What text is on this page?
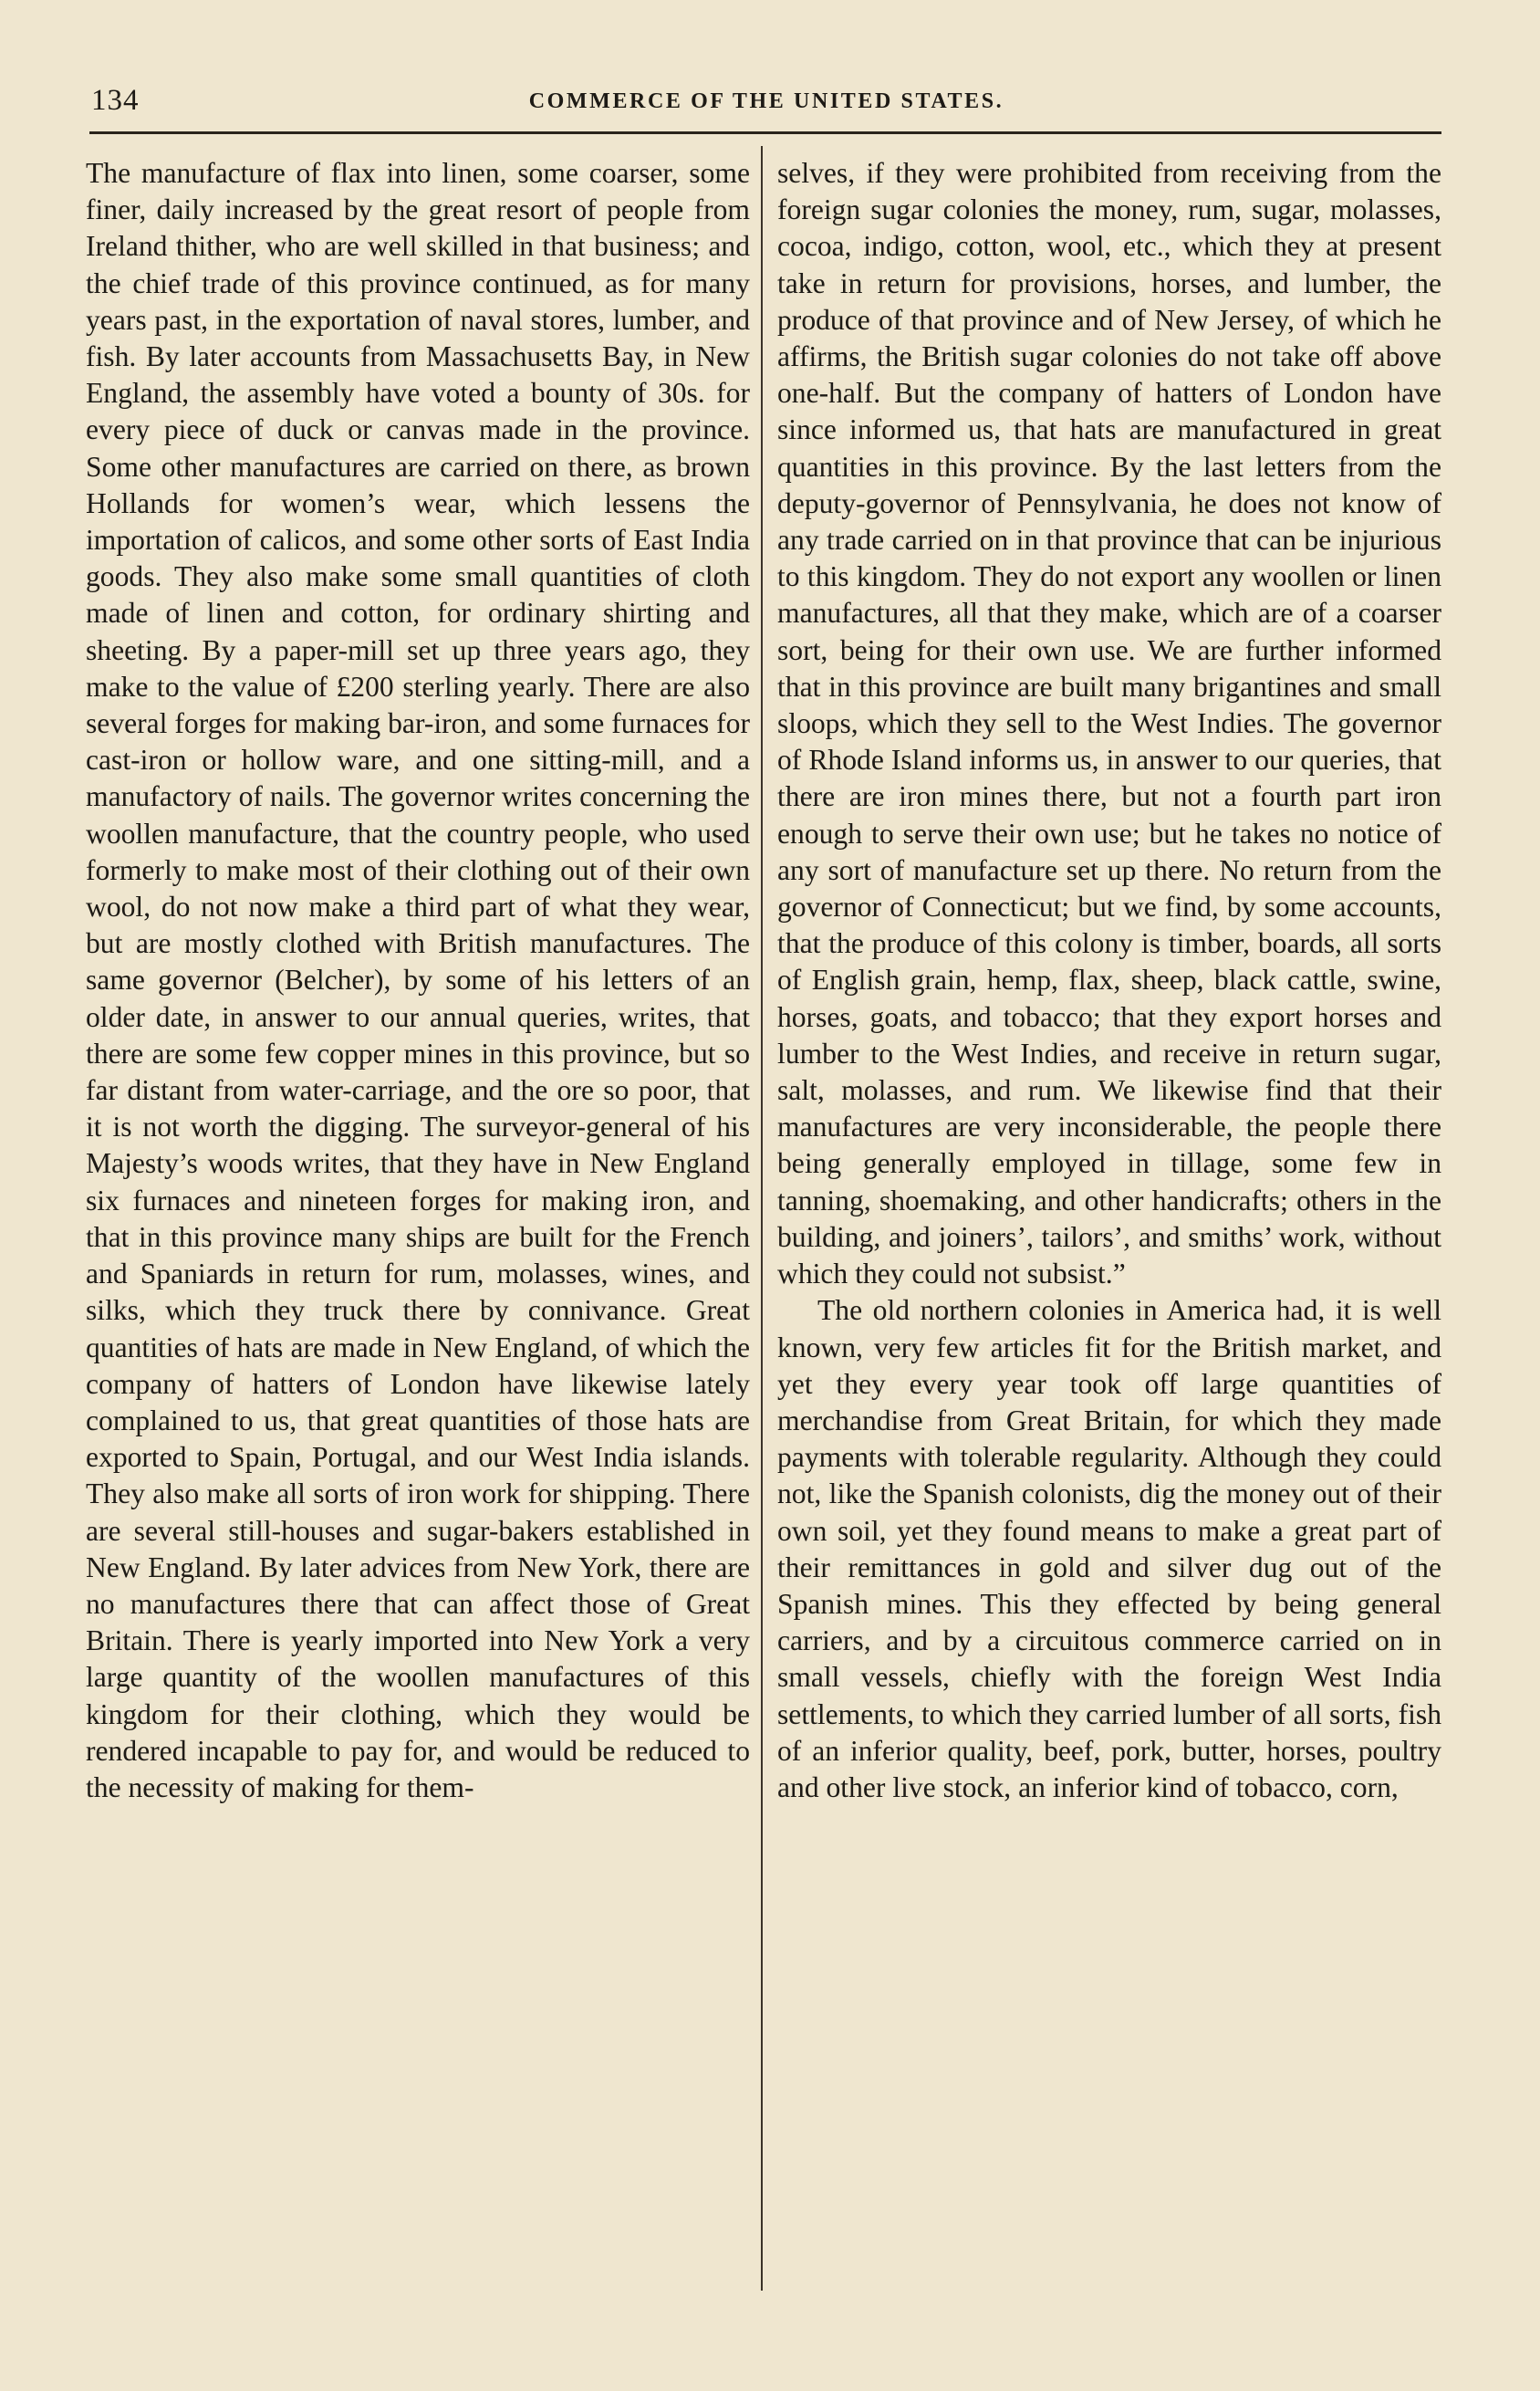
134	COMMERCE OF THE UNITED STATES.

The manufacture of flax into linen, some coarser, some finer, daily increased by the great resort of people from Ireland thither, who are well skilled in that business; and the chief trade of this province continued, as for many years past, in the exportation of naval stores, lumber, and fish. By later accounts from Massachusetts Bay, in New England, the assembly have voted a bounty of 30s. for every piece of duck or canvas made in the province. Some other manufactures are carried on there, as brown Hollands for women’s wear, which lessens the importation of calicos, and some other sorts of East India goods. They also make some small quantities of cloth made of linen and cotton, for ordinary shirting and sheeting. By a paper-mill set up three years ago, they make to the value of £200 sterling yearly. There are also several forges for making bar-iron, and some furnaces for cast-iron or hollow ware, and one sitting-mill, and a manufactory of nails. The governor writes concerning the woollen manufacture, that the country people, who used formerly to make most of their clothing out of their own wool, do not now make a third part of what they wear, but are mostly clothed with British manufactures. The same governor (Belcher), by some of his letters of an older date, in answer to our annual queries, writes, that there are some few copper mines in this province, but so far distant from water-carriage, and the ore so poor, that it is not worth the digging. The surveyor-general of his Majesty’s woods writes, that they have in New England six furnaces and nineteen forges for making iron, and that in this province many ships are built for the French and Spaniards in return for rum, molasses, wines, and silks, which they truck there by connivance. Great quantities of hats are made in New England, of which the company of hatters of London have likewise lately complained to us, that great quantities of those hats are exported to Spain, Portugal, and our West India islands. They also make all sorts of iron work for shipping. There are several still-houses and sugar-bakers established in New England. By later advices from New York, there are no manufactures there that can affect those of Great Britain. There is yearly imported into New York a very large quantity of the woollen manufactures of this kingdom for their clothing, which they would be rendered incapable to pay for, and would be reduced to the necessity of making for them-

selves, if they were prohibited from receiving from the foreign sugar colonies the money, rum, sugar, molasses, cocoa, indigo, cotton, wool, etc., which they at present take in return for provisions, horses, and lumber, the produce of that province and of New Jersey, of which he affirms, the British sugar colonies do not take off above one-half. But the company of hatters of London have since informed us, that hats are manufactured in great quantities in this province. By the last letters from the deputy-governor of Pennsylvania, he does not know of any trade carried on in that province that can be injurious to this kingdom. They do not export any woollen or linen manufactures, all that they make, which are of a coarser sort, being for their own use. We are further informed that in this province are built many brigantines and small sloops, which they sell to the West Indies. The governor of Rhode Island informs us, in answer to our queries, that there are iron mines there, but not a fourth part iron enough to serve their own use; but he takes no notice of any sort of manufacture set up there. No return from the governor of Connecticut; but we find, by some accounts, that the produce of this colony is timber, boards, all sorts of English grain, hemp, flax, sheep, black cattle, swine, horses, goats, and tobacco; that they export horses and lumber to the West Indies, and receive in return sugar, salt, molasses, and rum. We likewise find that their manufactures are very inconsiderable, the people there being generally employed in tillage, some few in tanning, shoemaking, and other handicrafts; others in the building, and joiners’, tailors’, and smiths’ work, without which they could not subsist.”

The old northern colonies in America had, it is well known, very few articles fit for the British market, and yet they every year took off large quantities of merchandise from Great Britain, for which they made payments with tolerable regularity. Although they could not, like the Spanish colonists, dig the money out of their own soil, yet they found means to make a great part of their remittances in gold and silver dug out of the Spanish mines. This they effected by being general carriers, and by a circuitous commerce carried on in small vessels, chiefly with the foreign West India settlements, to which they carried lumber of all sorts, fish of an inferior quality, beef, pork, butter, horses, poultry and other live stock, an inferior kind of tobacco, corn,
